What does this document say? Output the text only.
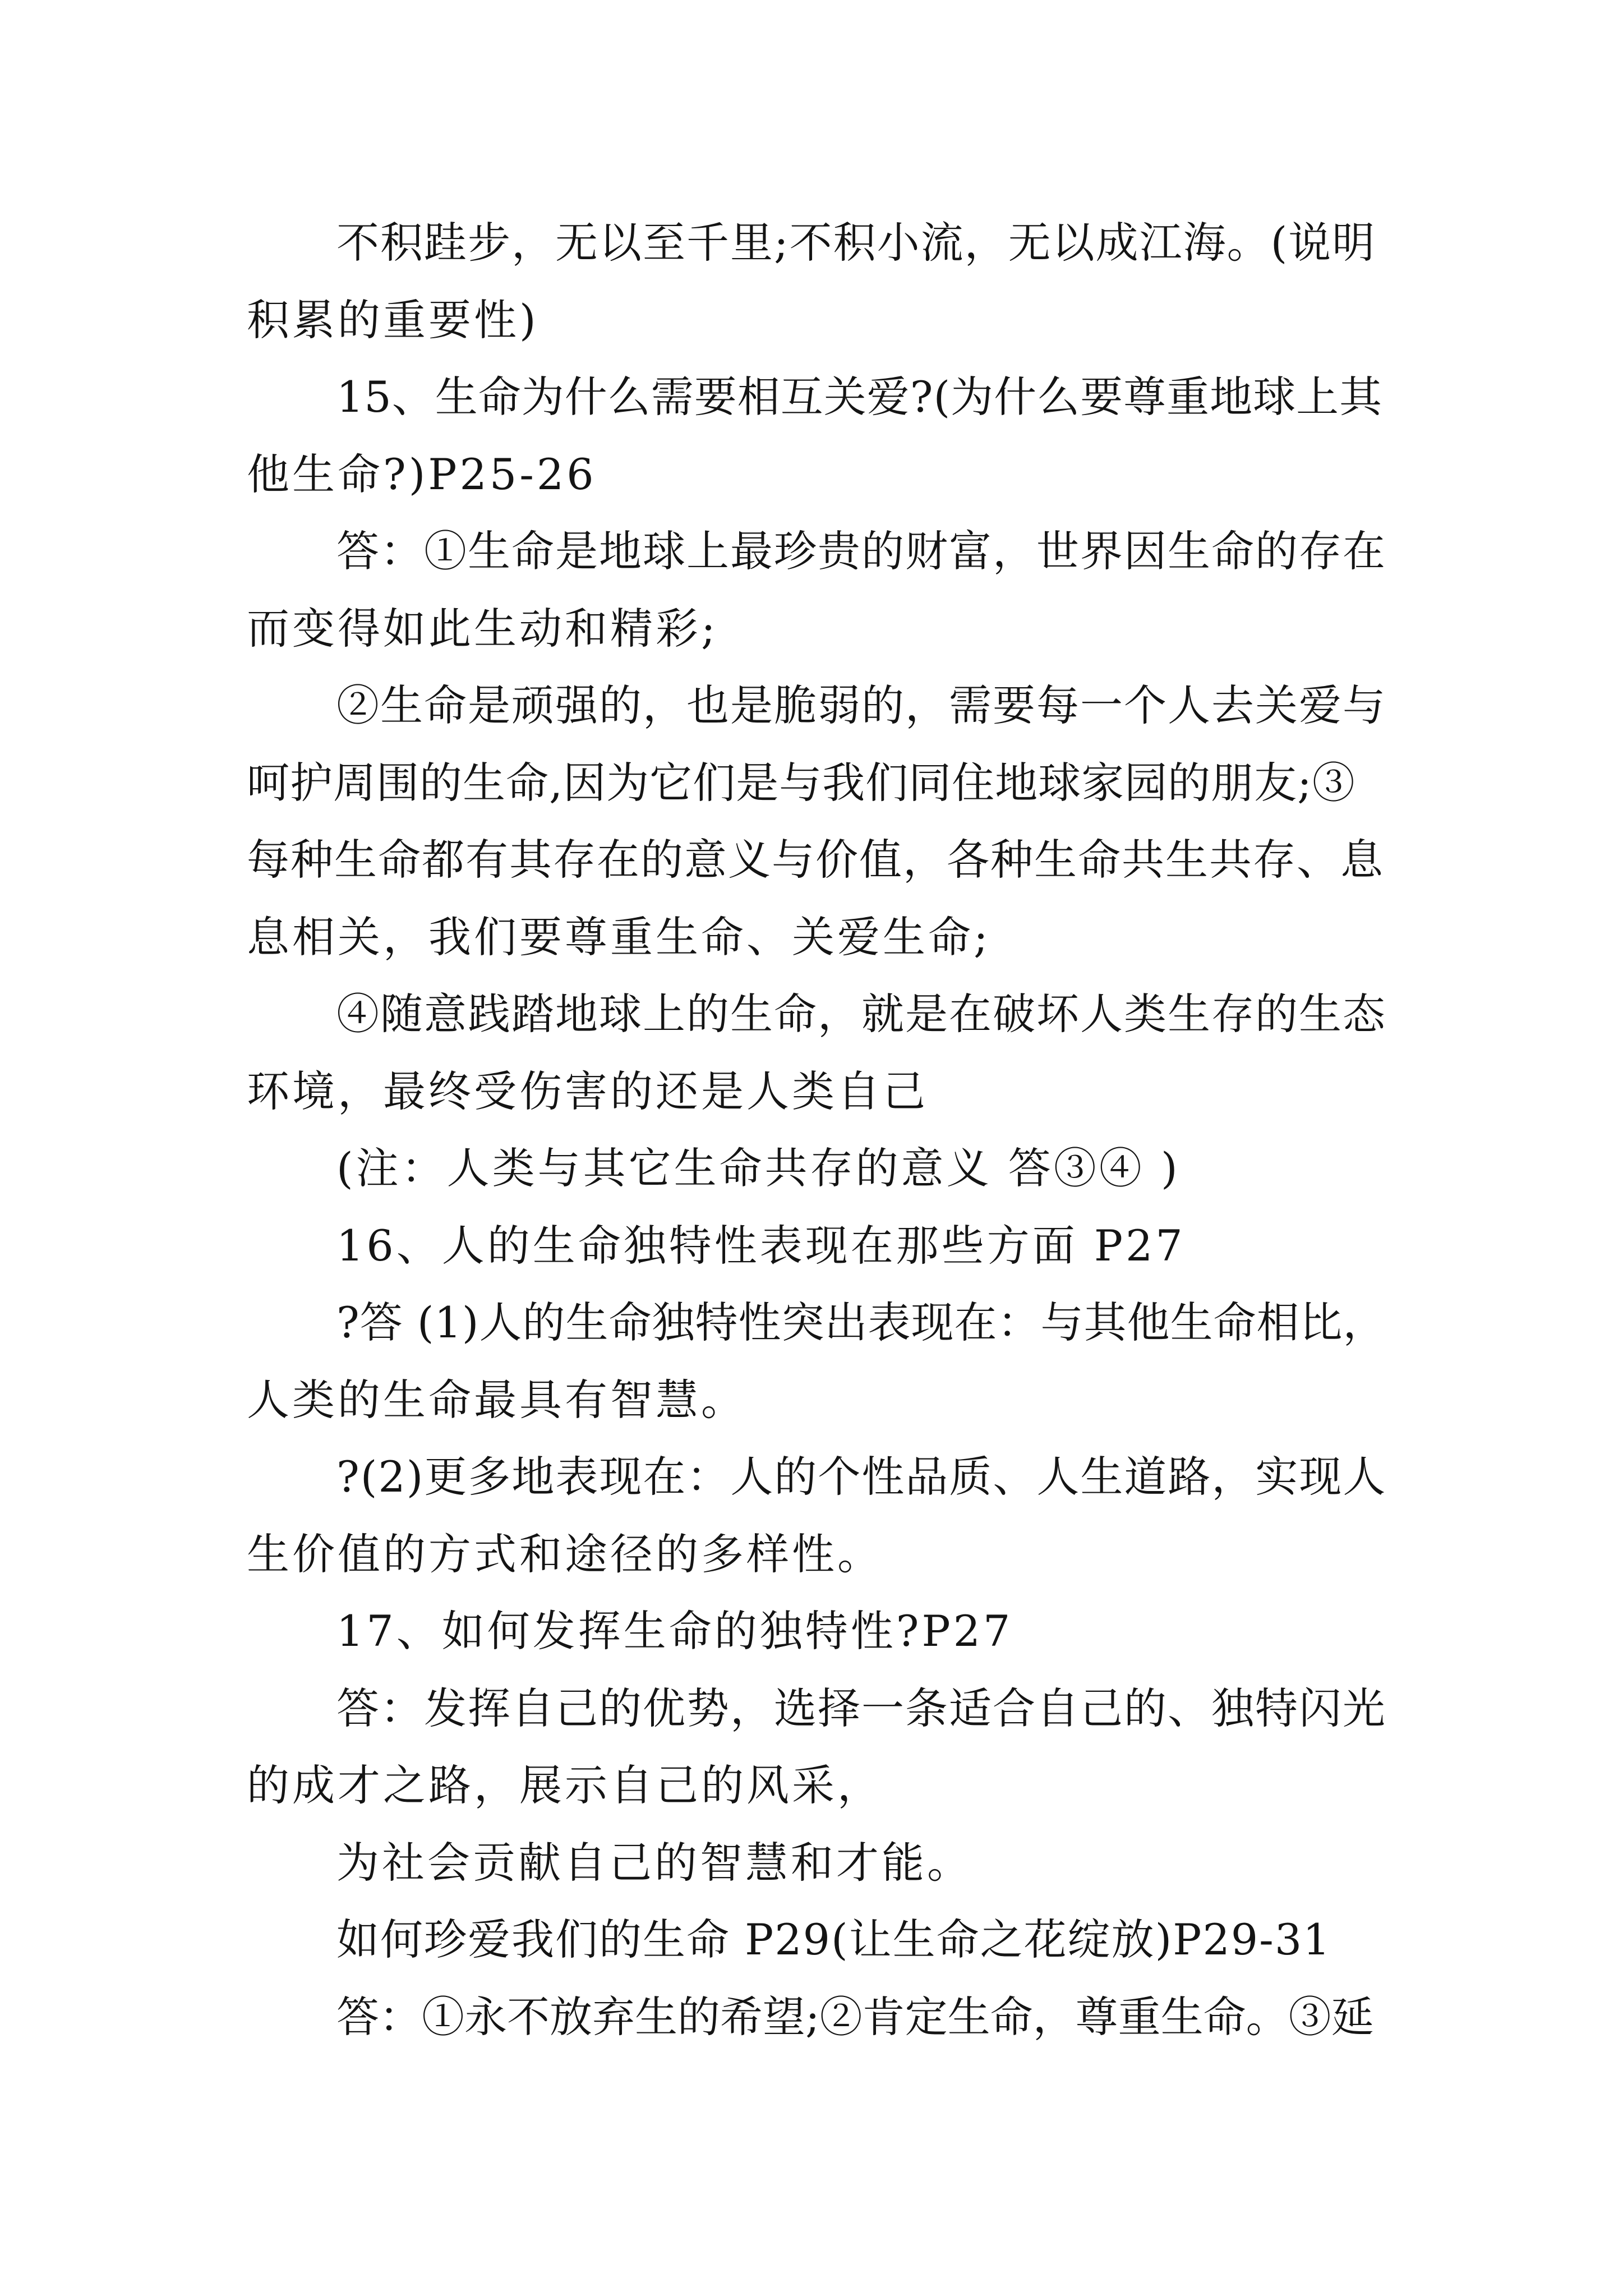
不积跬步，无以至千里;不积小流，无以成江海。(说明

积累的重要性)

15、生命为什么需要相互关爱?(为什么要尊重地球上其

他生命?)P25-26

答：①生命是地球上最珍贵的财富，世界因生命的存在

而变得如此生动和精彩;

②生命是顽强的，也是脆弱的，需要每一个人去关爱与

呵护周围的生命,因为它们是与我们同住地球家园的朋友;③

每种生命都有其存在的意义与价值，各种生命共生共存、息

息相关，我们要尊重生命、关爱生命;

④随意践踏地球上的生命，就是在破坏人类生存的生态

环境，最终受伤害的还是人类自己

(注：人类与其它生命共存的意义 答③④ )

16、人的生命独特性表现在那些方面 P27

?答 (1)人的生命独特性突出表现在：与其他生命相比，

人类的生命最具有智慧。

?(2)更多地表现在：人的个性品质、人生道路，实现人

生价值的方式和途径的多样性。

17、如何发挥生命的独特性?P27

答：发挥自己的优势，选择一条适合自己的、独特闪光

的成才之路，展示自己的风采，

为社会贡献自己的智慧和才能。

如何珍爱我们的生命 P29(让生命之花绽放)P29-31

答：①永不放弃生的希望;②肯定生命，尊重生命。③延
